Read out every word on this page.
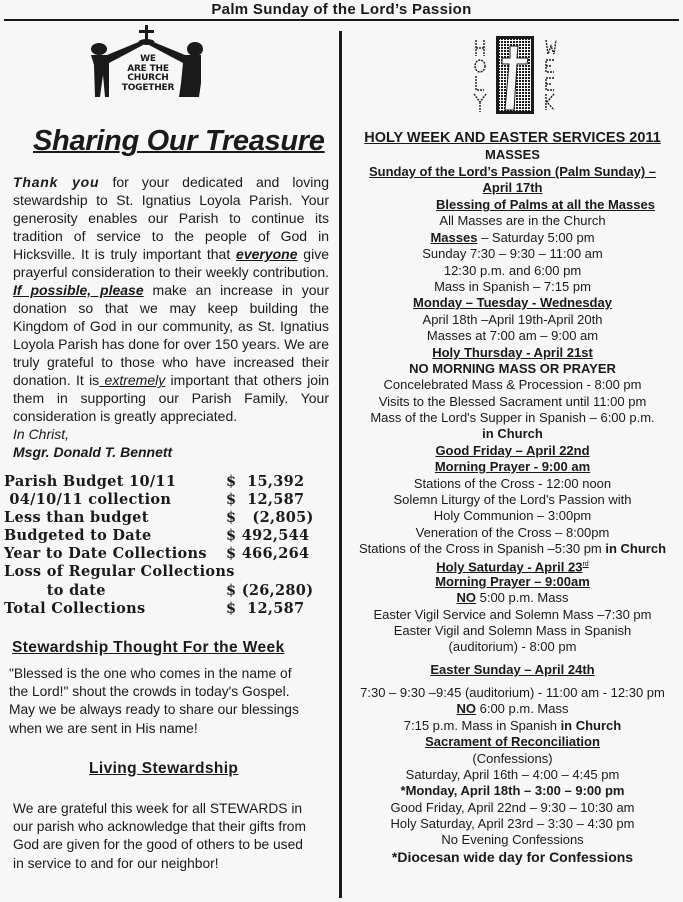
Palm Sunday of the Lord’s Passion
WE
ARE THE
CHURCH
TOGETHER
Sharing Our Treasure
Thank you for your dedicated and loving stewardship to St. Ignatius Loyola Parish. Your generosity enables our Parish to continue its tradition of service to the people of God in Hicksville. It is truly important that everyone give prayerful consideration to their weekly contribution. If possible, please make an increase in your donation so that we may keep building the Kingdom of God in our community, as St. Ignatius Loyola Parish has done for over 150 years. We are truly grateful to those who have increased their donation. It is extremely important that others join them in supporting our Parish Family. Your consideration is greatly appreciated.
In Christ,
Msgr. Donald T. Bennett
Parish Budget 10/11	$  15,392
04/10/11 collection	$  12,587
Less than budget	$   (2,805)
Budgeted to Date	$ 492,544
Year to Date Collections	$ 466,264
Loss of Regular Collections
to date	$ (26,280)
Total Collections	$  12,587
Stewardship Thought For the Week
"Blessed is the one who comes in the name of
the Lord!" shout the crowds in today's Gospel.
May we be always ready to share our blessings
when we are sent in His name!
Living Stewardship
We are grateful this week for all STEWARDS in
our parish who acknowledge that their gifts from
God are given for the good of others to be used
in service to and for our neighbor!
HOLY WEEK AND EASTER SERVICES 2011
MASSES
Sunday of the Lord’s Passion (Palm Sunday) –
April 17th
Blessing of Palms at all the Masses
All Masses are in the Church
Masses – Saturday 5:00 pm
Sunday 7:30 – 9:30 – 11:00 am
12:30 p.m. and 6:00 pm
Mass in Spanish – 7:15 pm
Monday – Tuesday - Wednesday
April 18th –April 19th-April 20th
Masses at 7:00 am – 9:00 am
Holy Thursday - April 21st
NO MORNING MASS OR PRAYER
Concelebrated Mass & Procession - 8:00 pm
Visits to the Blessed Sacrament until 11:00 pm
Mass of the Lord's Supper in Spanish – 6:00 p.m.
in Church
Good Friday – April 22nd
Morning Prayer - 9:00 am
Stations of the Cross - 12:00 noon
Solemn Liturgy of the Lord's Passion with
Holy Communion – 3:00pm
Veneration of the Cross – 8:00pm
Stations of the Cross in Spanish –5:30 pm in Church
Holy Saturday - April 23rd
Morning Prayer – 9:00am
NO 5:00 p.m. Mass
Easter Vigil Service and Solemn Mass –7:30 pm
Easter Vigil and Solemn Mass in Spanish
(auditorium) - 8:00 pm
Easter Sunday – April 24th
7:30 – 9:30 –9:45 (auditorium) - 11:00 am - 12:30 pm
NO 6:00 p.m. Mass
7:15 p.m. Mass in Spanish in Church
Sacrament of Reconciliation
(Confessions)
Saturday, April 16th – 4:00 – 4:45 pm
*Monday, April 18th – 3:00 – 9:00 pm
Good Friday, April 22nd – 9:30 – 10:30 am
Holy Saturday, April 23rd – 3:30 – 4:30 pm
No Evening Confessions
*Diocesan wide day for Confessions
